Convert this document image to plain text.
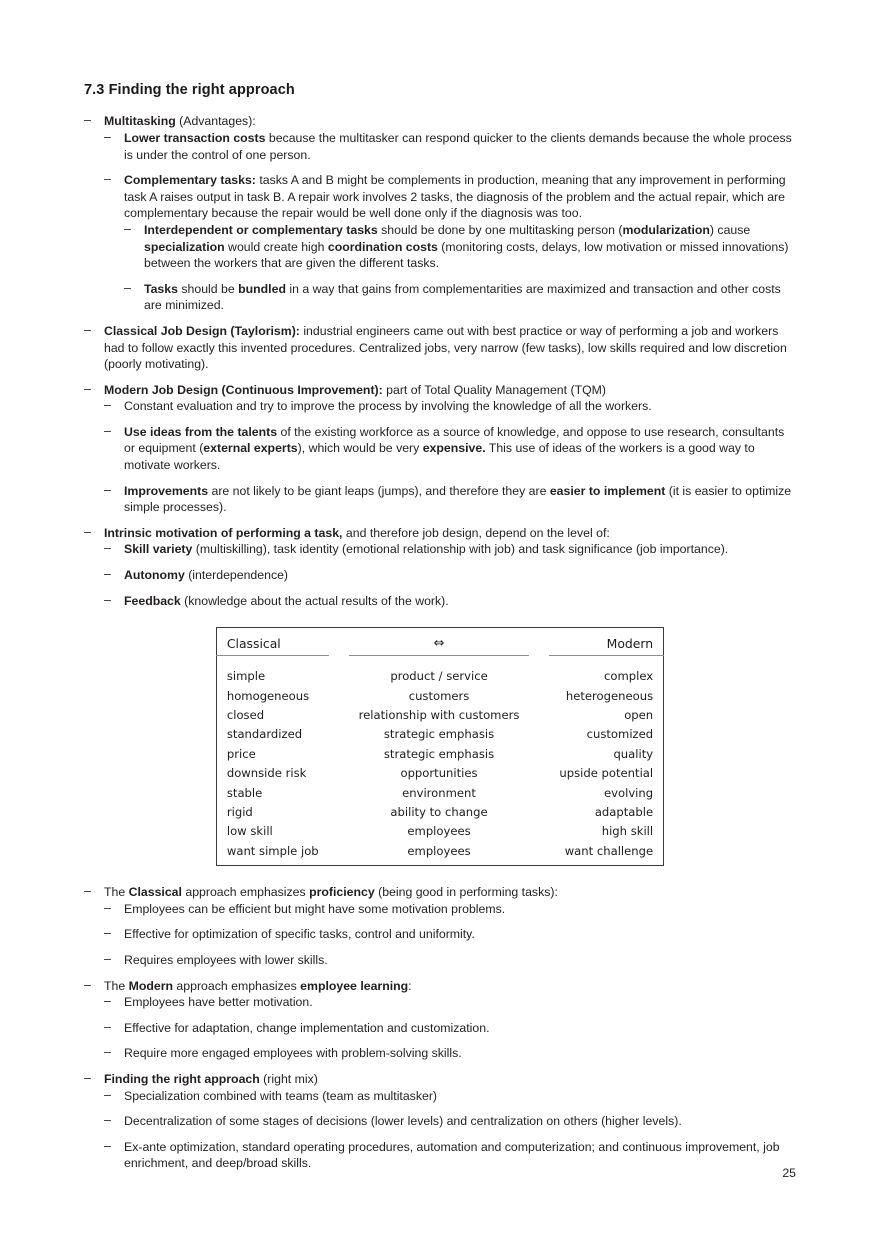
7.3 Finding the right approach
–
Multitasking (Advantages):
–
Lower transaction costs because the multitasker can respond quicker to the clients demands because the whole process is under the control of one person.
–
Complementary tasks: tasks A and B might be complements in production, meaning that any improvement in performing task A raises output in task B. A repair work involves 2 tasks, the diagnosis of the problem and the actual repair, which are complementary because the repair would be well done only if the diagnosis was too.
–
Interdependent or complementary tasks should be done by one multitasking person (modularization) cause specialization would create high coordination costs (monitoring costs, delays, low motivation or missed innovations) between the workers that are given the different tasks.
–
Tasks should be bundled in a way that gains from complementarities are maximized and transaction and other costs are minimized.
–
Classical Job Design (Taylorism): industrial engineers came out with best practice or way of performing a job and workers had to follow exactly this invented procedures. Centralized jobs, very narrow (few tasks), low skills required and low discretion (poorly motivating).
–
Modern Job Design (Continuous Improvement): part of Total Quality Management (TQM)
–
Constant evaluation and try to improve the process by involving the knowledge of all the workers.
–
Use ideas from the talents of the existing workforce as a source of knowledge, and oppose to use research, consultants or equipment (external experts), which would be very expensive. This use of ideas of the workers is a good way to motivate workers.
–
Improvements are not likely to be giant leaps (jumps), and therefore they are easier to implement (it is easier to optimize simple processes).
–
Intrinsic motivation of performing a task, and therefore job design, depend on the level of:
–
Skill variety (multiskilling), task identity (emotional relationship with job) and task significance (job importance).
–
Autonomy (interdependence)
–
Feedback (knowledge about the actual results of the work).
Classical		⇔		Modern

simple		product / service		complex
homogeneous		customers		heterogeneous
closed		relationship with customers		open
standardized		strategic emphasis		customized
price		strategic emphasis		quality
downside risk		opportunities		upside potential
stable		environment		evolving
rigid		ability to change		adaptable
low skill		employees		high skill
want simple job		employees		want challenge
–
The Classical approach emphasizes proficiency (being good in performing tasks):
–
Employees can be efficient but might have some motivation problems.
–
Effective for optimization of specific tasks, control and uniformity.
–
Requires employees with lower skills.
–
The Modern approach emphasizes employee learning:
–
Employees have better motivation.
–
Effective for adaptation, change implementation and customization.
–
Require more engaged employees with problem-solving skills.
–
Finding the right approach (right mix)
–
Specialization combined with teams (team as multitasker)
–
Decentralization of some stages of decisions (lower levels) and centralization on others (higher levels).
–
Ex-ante optimization, standard operating procedures, automation and computerization; and continuous improvement, job enrichment, and deep/broad skills.
25
